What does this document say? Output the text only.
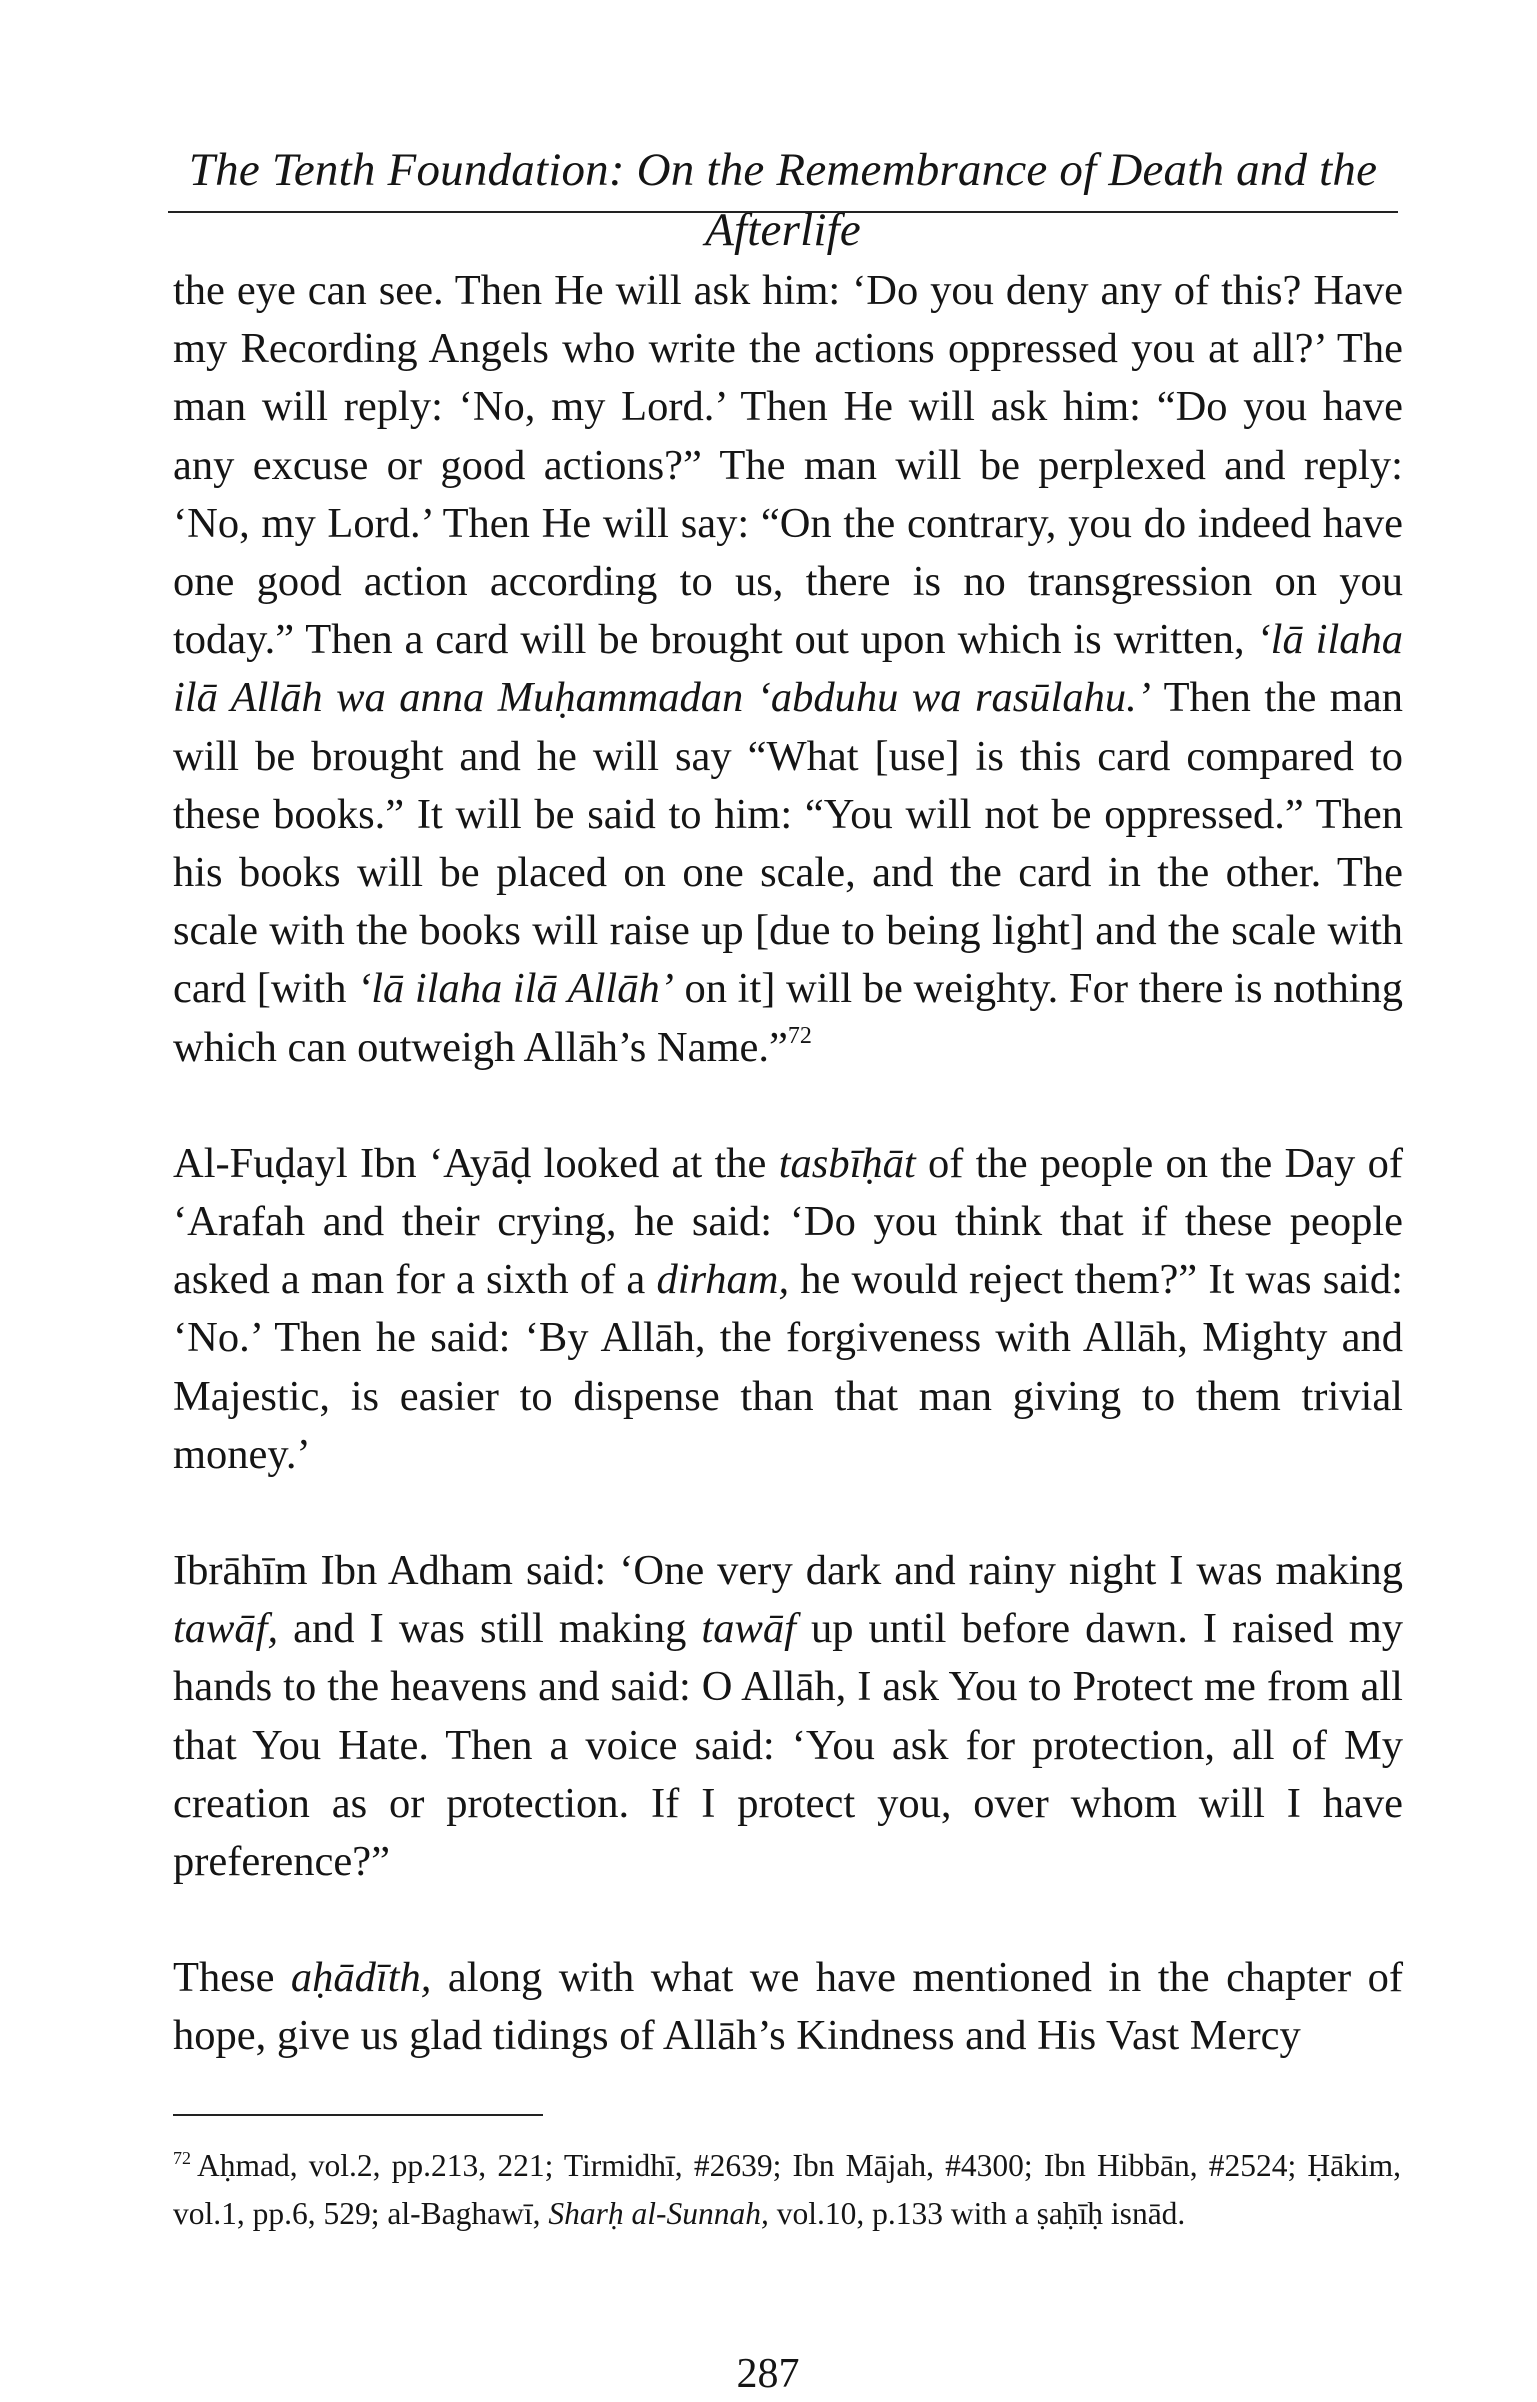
The Tenth Foundation: On the Remembrance of Death and the Afterlife

the eye can see. Then He will ask him: ‘Do you deny any of this? Have my Recording Angels who write the actions oppressed you at all?’ The man will reply: ‘No, my Lord.’ Then He will ask him: “Do you have any excuse or good actions?” The man will be perplexed and reply: ‘No, my Lord.’ Then He will say: “On the contrary, you do indeed have one good action according to us, there is no transgression on you today.” Then a card will be brought out upon which is written, ‘lā ilaha ilā Allāh wa anna Muḥammadan ‘abduhu wa rasūlahu.’ Then the man will be brought and he will say “What [use] is this card compared to these books.” It will be said to him: “You will not be oppressed.” Then his books will be placed on one scale, and the card in the other. The scale with the books will raise up [due to being light] and the scale with card [with ‘lā ilaha ilā Allāh’ on it] will be weighty. For there is nothing which can outweigh Allāh’s Name.”$^{72}$

Al-Fuḍayl Ibn ‘Ayāḍ looked at the tasbīḥāt of the people on the Day of ‘Arafah and their crying, he said: ‘Do you think that if these people asked a man for a sixth of a dirham, he would reject them?” It was said: ‘No.’ Then he said: ‘By Allāh, the forgiveness with Allāh, Mighty and Majestic, is easier to dispense than that man giving to them trivial money.’

Ibrāhīm Ibn Adham said: ‘One very dark and rainy night I was making tawāf, and I was still making tawāf up until before dawn. I raised my hands to the heavens and said: O Allāh, I ask You to Protect me from all that You Hate. Then a voice said: ‘You ask for protection, all of My creation as or protection. If I protect you, over whom will I have preference?”

These aḥādīth, along with what we have mentioned in the chapter of hope, give us glad tidings of Allāh’s Kindness and His Vast Mercy

$^{72}$ Aḥmad, vol.2, pp.213, 221; Tirmidhī, #2639; Ibn Mājah, #4300; Ibn Hibbān, #2524; Ḥākim, vol.1, pp.6, 529; al-Baghawī, Sharḥ al-Sunnah, vol.10, p.133 with a ṣaḥīḥ isnād.
287
